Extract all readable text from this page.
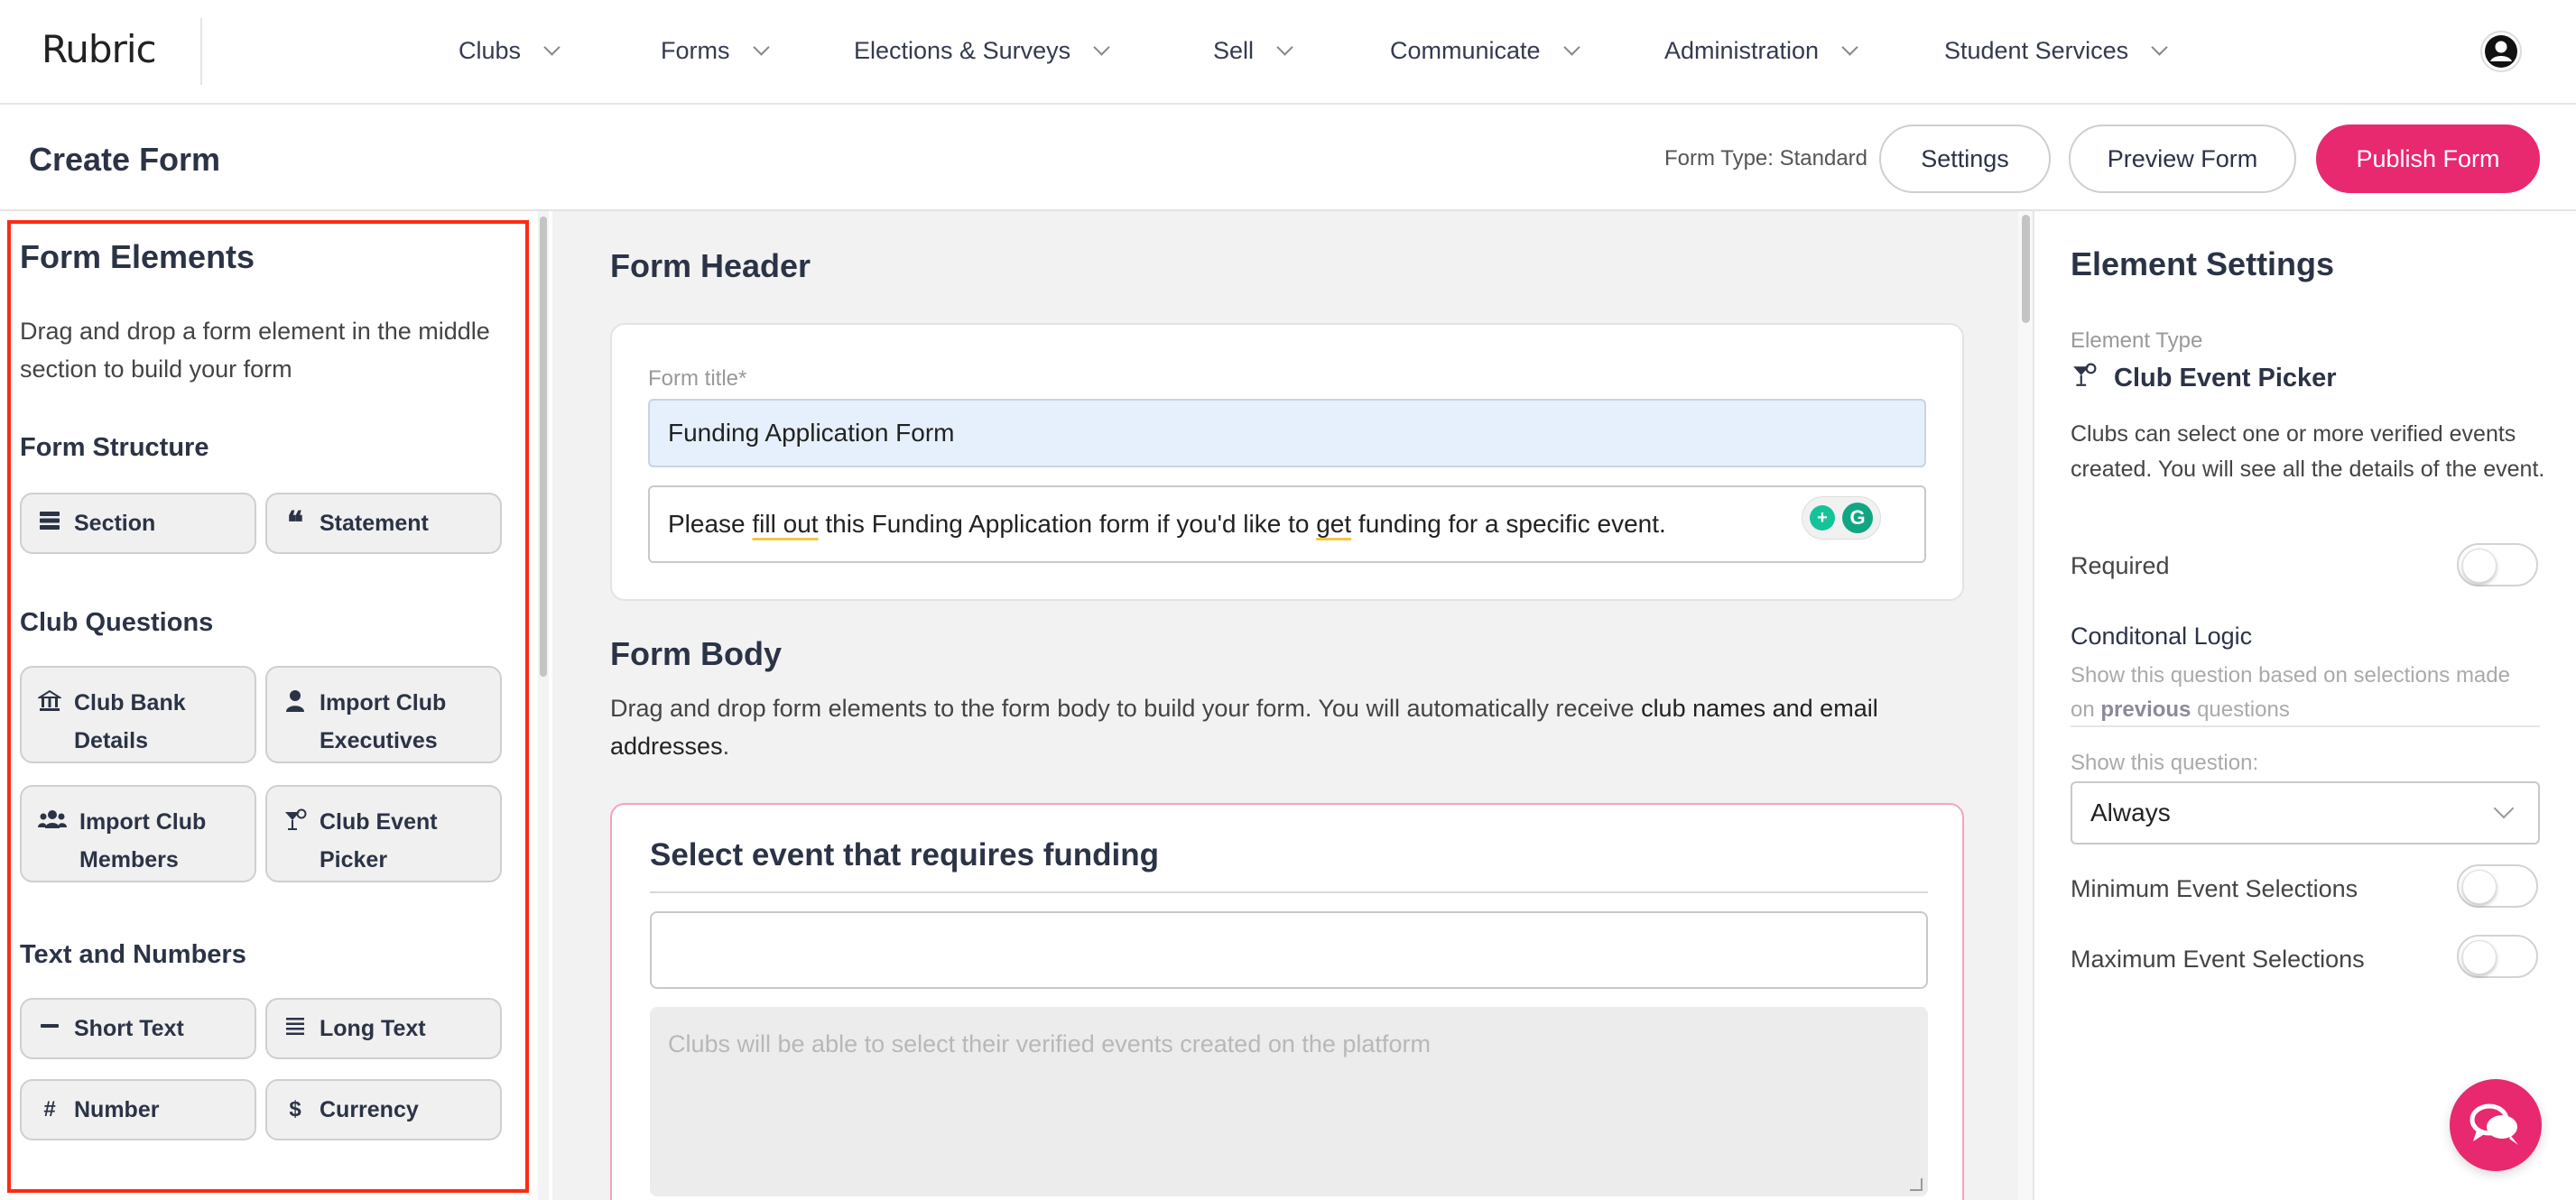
Rubric	Clubs	Forms	Elections & Surveys	Sell	Communicate	Administration	Student Services
Create Form	Form Type: Standard	Settings	Preview Form	Publish Form
Form Elements
Drag and drop a form element in the middle section to build your form
Form Structure
Section	❝ Statement
Club Questions
Club Bank
Details
Import Club
Executives
Import Club
Members
Club Event
Picker
Text and Numbers
Short Text	Long Text
# Number	$ Currency
Form Header
Form title*
Funding Application Form
Please fill out this Funding Application form if you'd like to get funding for a specific event.	+	G
Form Body
Drag and drop form elements to the form body to build your form. You will automatically receive club names and email addresses.
Select event that requires funding
Clubs will be able to select their verified events created on the platform
Element Settings
Element Type
Club Event Picker
Clubs can select one or more verified events created. You will see all the details of the event.
Required
Conditonal Logic
Show this question based on selections made on previous questions
Show this question:
Always
Minimum Event Selections
Maximum Event Selections
